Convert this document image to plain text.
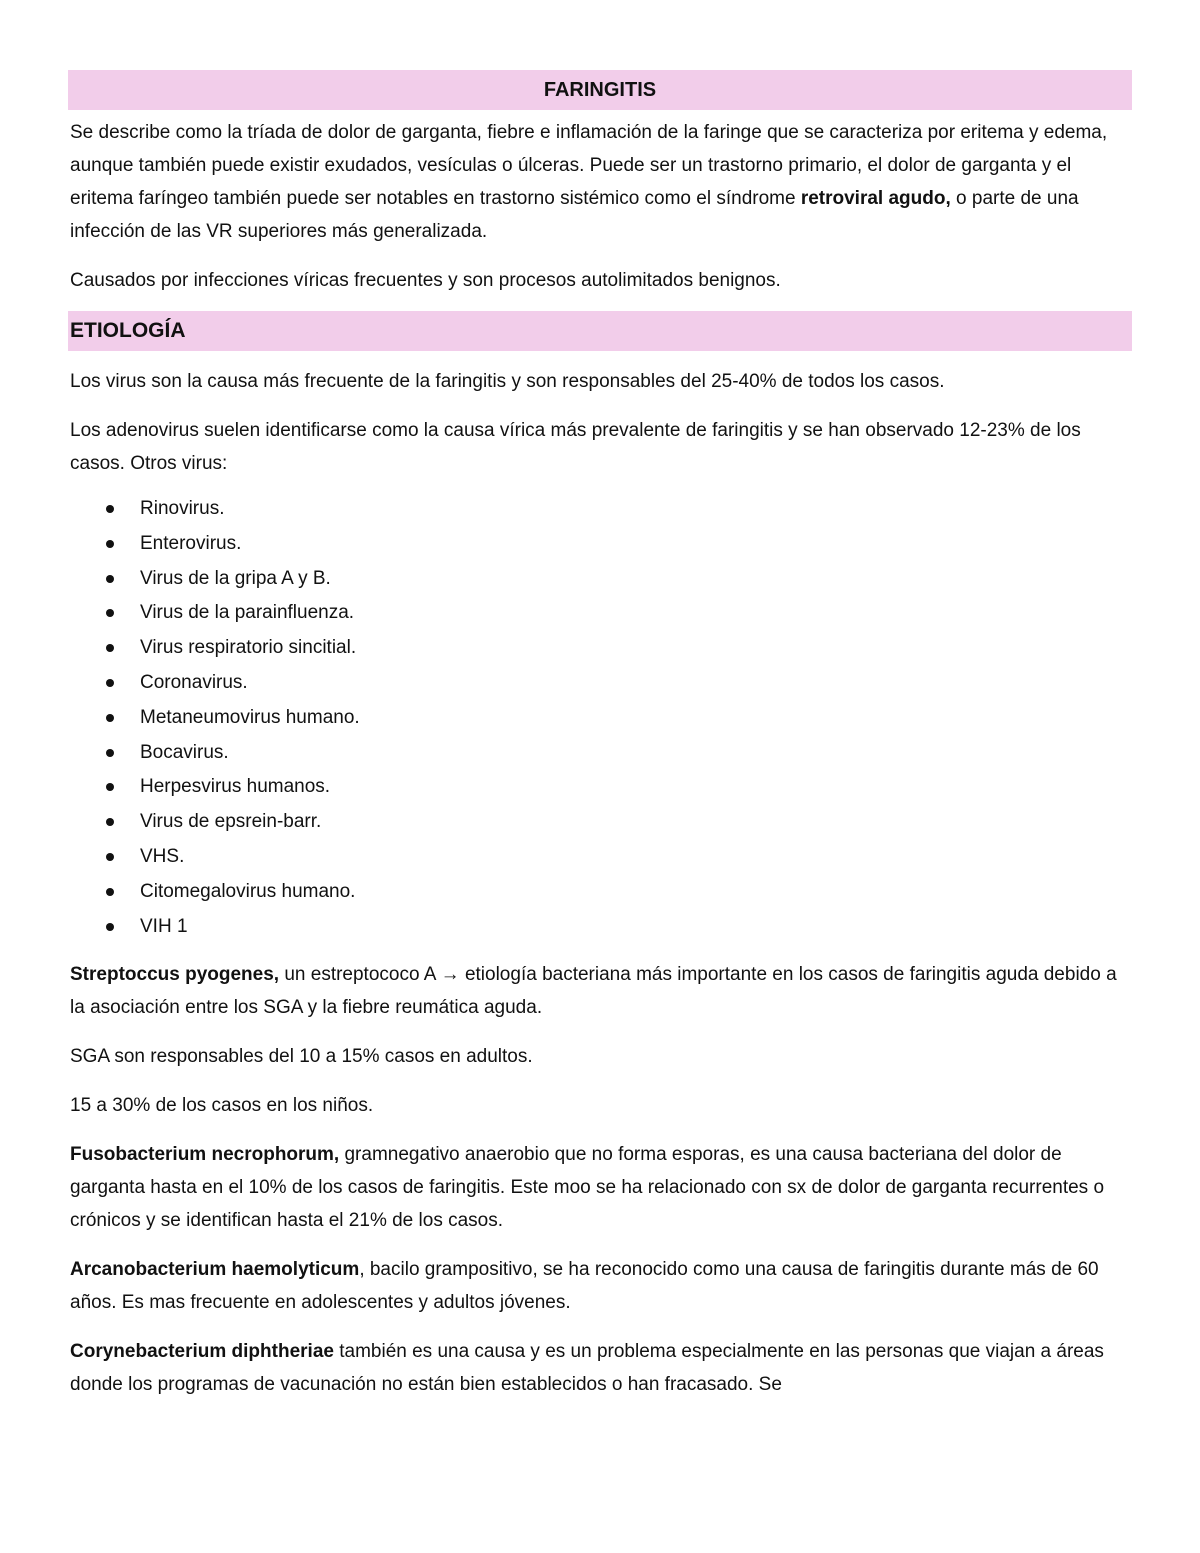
FARINGITIS

Se describe como la tríada de dolor de garganta, fiebre e inflamación de la faringe que se caracteriza por eritema y edema, aunque también puede existir exudados, vesículas o úlceras. Puede ser un trastorno primario, el dolor de garganta y el eritema faríngeo también puede ser notables en trastorno sistémico como el síndrome retroviral agudo, o parte de una infección de las VR superiores más generalizada.

Causados por infecciones víricas frecuentes y son procesos autolimitados benignos.

ETIOLOGÍA

Los virus son la causa más frecuente de la faringitis y son responsables del 25-40% de todos los casos.

Los adenovirus suelen identificarse como la causa vírica más prevalente de faringitis y se han observado 12-23% de los casos. Otros virus:

Rinovirus.
Enterovirus.
Virus de la gripa A y B.
Virus de la parainfluenza.
Virus respiratorio sincitial.
Coronavirus.
Metaneumovirus humano.
Bocavirus.
Herpesvirus humanos.
Virus de epsrein-barr.
VHS.
Citomegalovirus humano.
VIH 1

Streptoccus pyogenes, un estreptococo A → etiología bacteriana más importante en los casos de faringitis aguda debido a la asociación entre los SGA y la fiebre reumática aguda.

SGA son responsables del 10 a 15% casos en adultos.

15 a 30% de los casos en los niños.

Fusobacterium necrophorum, gramnegativo anaerobio que no forma esporas, es una causa bacteriana del dolor de garganta hasta en el 10% de los casos de faringitis. Este moo se ha relacionado con sx de dolor de garganta recurrentes o crónicos y se identifican hasta el 21% de los casos.

Arcanobacterium haemolyticum, bacilo grampositivo, se ha reconocido como una causa de faringitis durante más de 60 años. Es mas frecuente en adolescentes y adultos jóvenes.

Corynebacterium diphtheriae también es una causa y es un problema especialmente en las personas que viajan a áreas donde los programas de vacunación no están bien establecidos o han fracasado. Se
